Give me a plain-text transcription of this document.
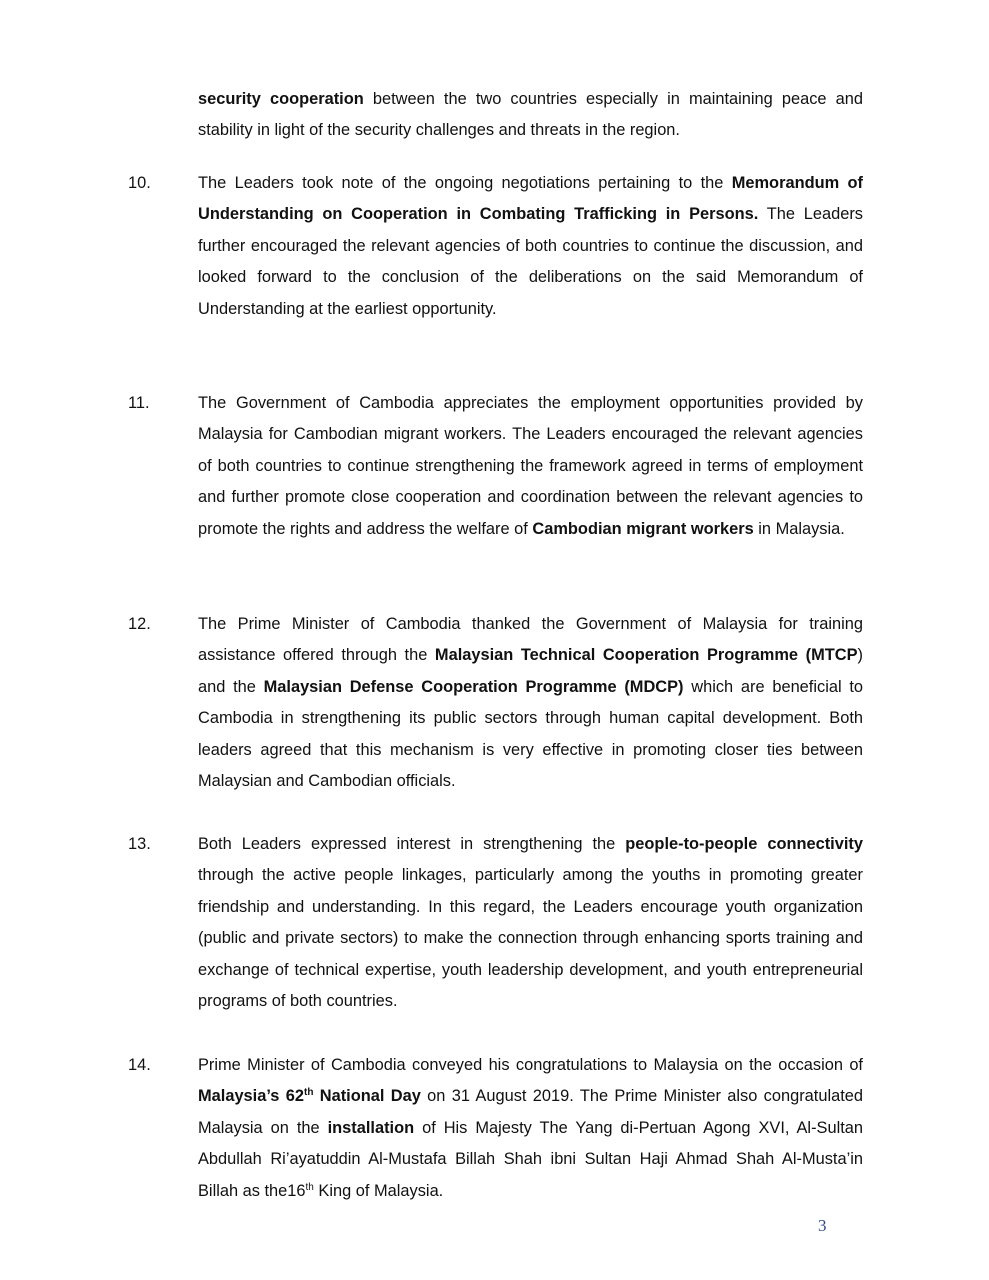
security cooperation between the two countries especially in maintaining peace and stability in light of the security challenges and threats in the region.
10.	The Leaders took note of the ongoing negotiations pertaining to the Memorandum of Understanding on Cooperation in Combating Trafficking in Persons. The Leaders further encouraged the relevant agencies of both countries to continue the discussion, and looked forward to the conclusion of the deliberations on the said Memorandum of Understanding at the earliest opportunity.
11.	The Government of Cambodia appreciates the employment opportunities provided by Malaysia for Cambodian migrant workers. The Leaders encouraged the relevant agencies of both countries to continue strengthening the framework agreed in terms of employment and further promote close cooperation and coordination between the relevant agencies to promote the rights and address the welfare of Cambodian migrant workers in Malaysia.
12.	The Prime Minister of Cambodia thanked the Government of Malaysia for training assistance offered through the Malaysian Technical Cooperation Programme (MTCP) and the Malaysian Defense Cooperation Programme (MDCP) which are beneficial to Cambodia in strengthening its public sectors through human capital development. Both leaders agreed that this mechanism is very effective in promoting closer ties between Malaysian and Cambodian officials.
13.	Both Leaders expressed interest in strengthening the people-to-people connectivity through the active people linkages, particularly among the youths in promoting greater friendship and understanding. In this regard, the Leaders encourage youth organization (public and private sectors) to make the connection through enhancing sports training and exchange of technical expertise, youth leadership development, and youth entrepreneurial programs of both countries.
14.	Prime Minister of Cambodia conveyed his congratulations to Malaysia on the occasion of Malaysia’s 62th National Day on 31 August 2019. The Prime Minister also congratulated Malaysia on the installation of His Majesty The Yang di-Pertuan Agong XVI, Al-Sultan Abdullah Ri’ayatuddin Al-Mustafa Billah Shah ibni Sultan Haji Ahmad Shah Al-Musta’in Billah as the16th King of Malaysia.
3
